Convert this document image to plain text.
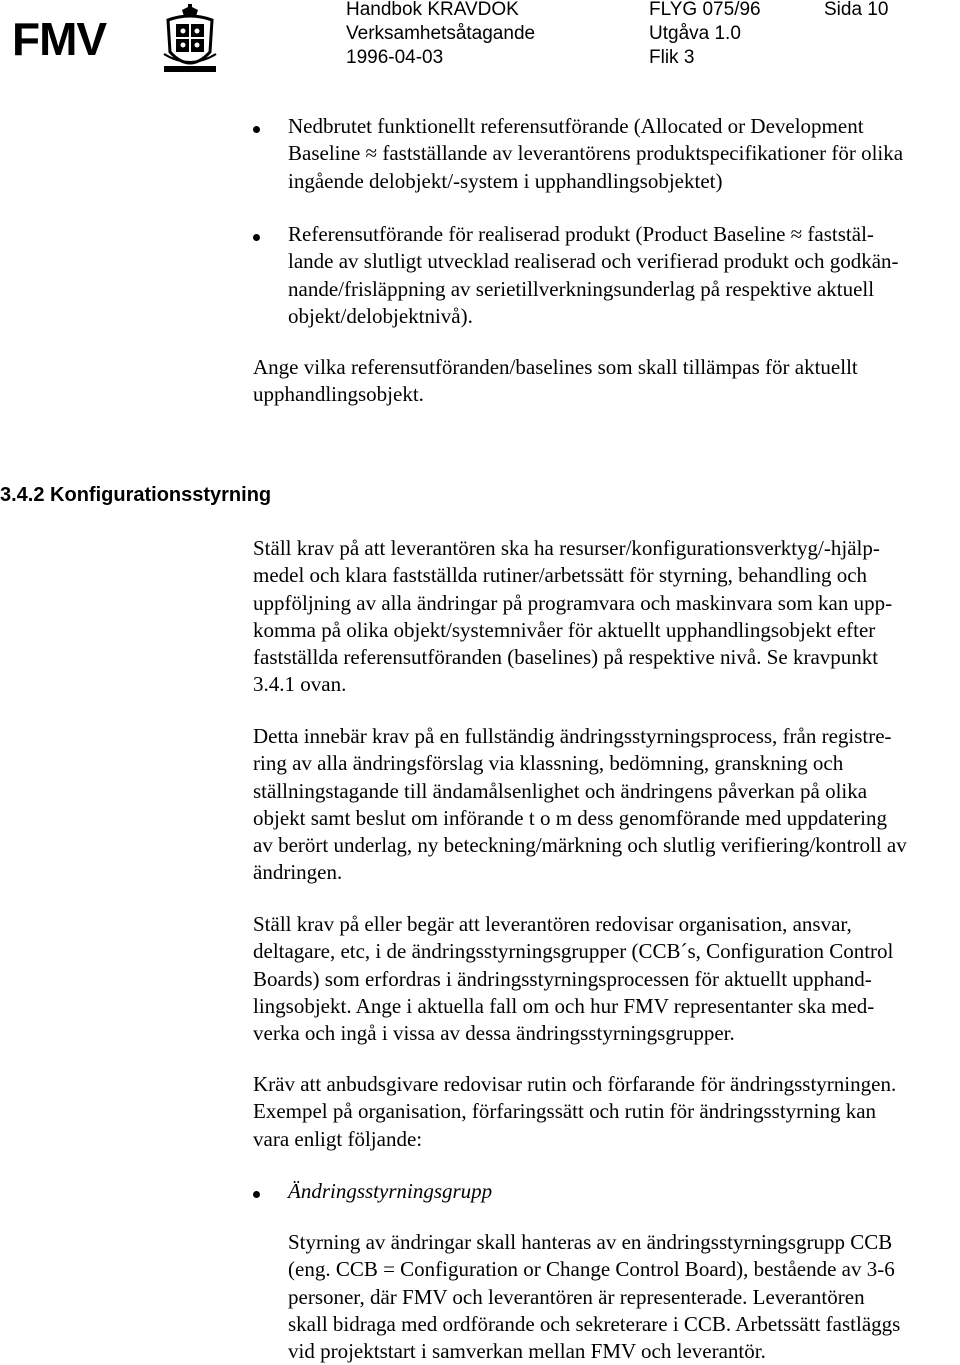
FMV
Handbok KRAVDOK
Verksamhetsåtagande
1996-04-03
FLYG 075/96
Utgåva 1.0
Flik 3
Sida 10
Nedbrutet funktionellt referensutförande (Allocated or Development
Baseline ≈ fastställande av leverantörens produktspecifikationer för olika
ingående delobjekt/-system i upphandlingsobjektet)
Referensutförande för realiserad produkt (Product Baseline ≈ faststäl-
lande av slutligt utvecklad realiserad och verifierad produkt och godkän-
nande/frisläppning av serietillverkningsunderlag på respektive aktuell
objekt/delobjektnivå).
Ange vilka referensutföranden/baselines som skall tillämpas för aktuellt
upphandlingsobjekt.
3.4.2 Konfigurationsstyrning
Ställ krav på att leverantören ska ha resurser/konfigurationsverktyg/-hjälp-
medel och klara fastställda rutiner/arbetssätt för styrning, behandling och
uppföljning av alla ändringar på programvara och maskinvara som kan upp-
komma på olika objekt/systemnivåer för aktuellt upphandlingsobjekt efter
fastställda referensutföranden (baselines) på respektive nivå. Se kravpunkt
3.4.1 ovan.
Detta innebär krav på en fullständig ändringsstyrningsprocess, från registre-
ring av alla ändringsförslag via klassning, bedömning, granskning och
ställningstagande till ändamålsenlighet och ändringens påverkan på olika
objekt samt beslut om införande t o m dess genomförande med uppdatering
av berört underlag, ny beteckning/märkning och slutlig verifiering/kontroll av
ändringen.
Ställ krav på eller begär att leverantören redovisar organisation, ansvar,
deltagare, etc, i de ändringsstyrningsgrupper (CCB´s, Configuration Control
Boards) som erfordras i ändringsstyrningsprocessen för aktuellt upphand-
lingsobjekt. Ange i aktuella fall om och hur FMV representanter ska med-
verka och ingå i vissa av dessa ändringsstyrningsgrupper.
Kräv att anbudsgivare redovisar rutin och förfarande för ändringsstyrningen.
Exempel på organisation, förfaringssätt och rutin för ändringsstyrning kan
vara enligt följande:
Ändringsstyrningsgrupp
Styrning av ändringar skall hanteras av en ändringsstyrningsgrupp CCB
(eng. CCB = Configuration or Change Control Board), bestående av 3-6
personer, där FMV och leverantören är representerade. Leverantören
skall bidraga med ordförande och sekreterare i CCB. Arbetssätt fastläggs
vid projektstart i samverkan mellan FMV och leverantör.
